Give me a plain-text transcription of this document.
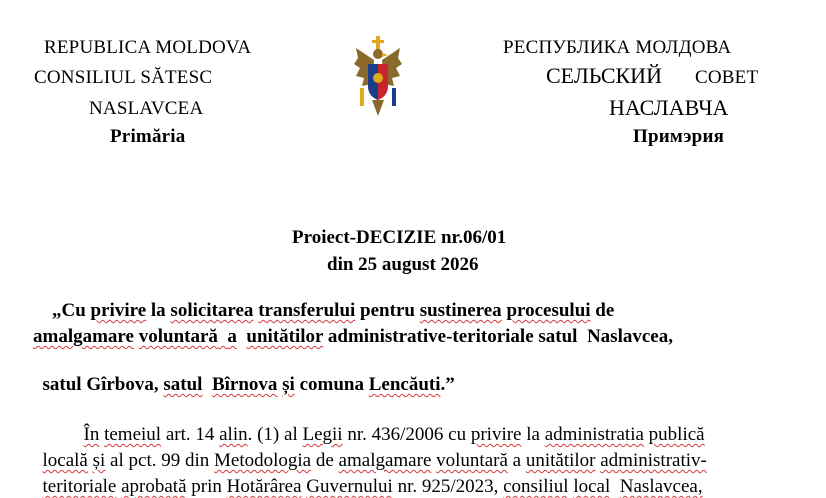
REPUBLICA MOLDOVA
CONSILIUL SĂTESC
NASLAVCEA
Primăria
РЕСПУБЛИКА МОЛДОВА
СЕЛЬСКИЙ СОВЕТ
НАСЛАВЧА
Примэрия
Proiect-DECIZIE nr.06/01
din 25 august 2026
„Cu privire la solicitarea transferului pentru sustinerea procesului de
amalgamare voluntară a unitătilor administrative-teritoriale satul  Naslavcea,

satul Gîrbova, satul Bîrnova și comuna Lencăuti.”

În temeiul art. 14 alin. (1) al Legii nr. 436/2006 cu privire la administratia publică

locală și al pct. 99 din Metodologia de amalgamare voluntară a unitătilor administrativ-

teritoriale aprobată prin Hotărârea Guvernului nr. 925/2023, consiliul local Naslavcea,
